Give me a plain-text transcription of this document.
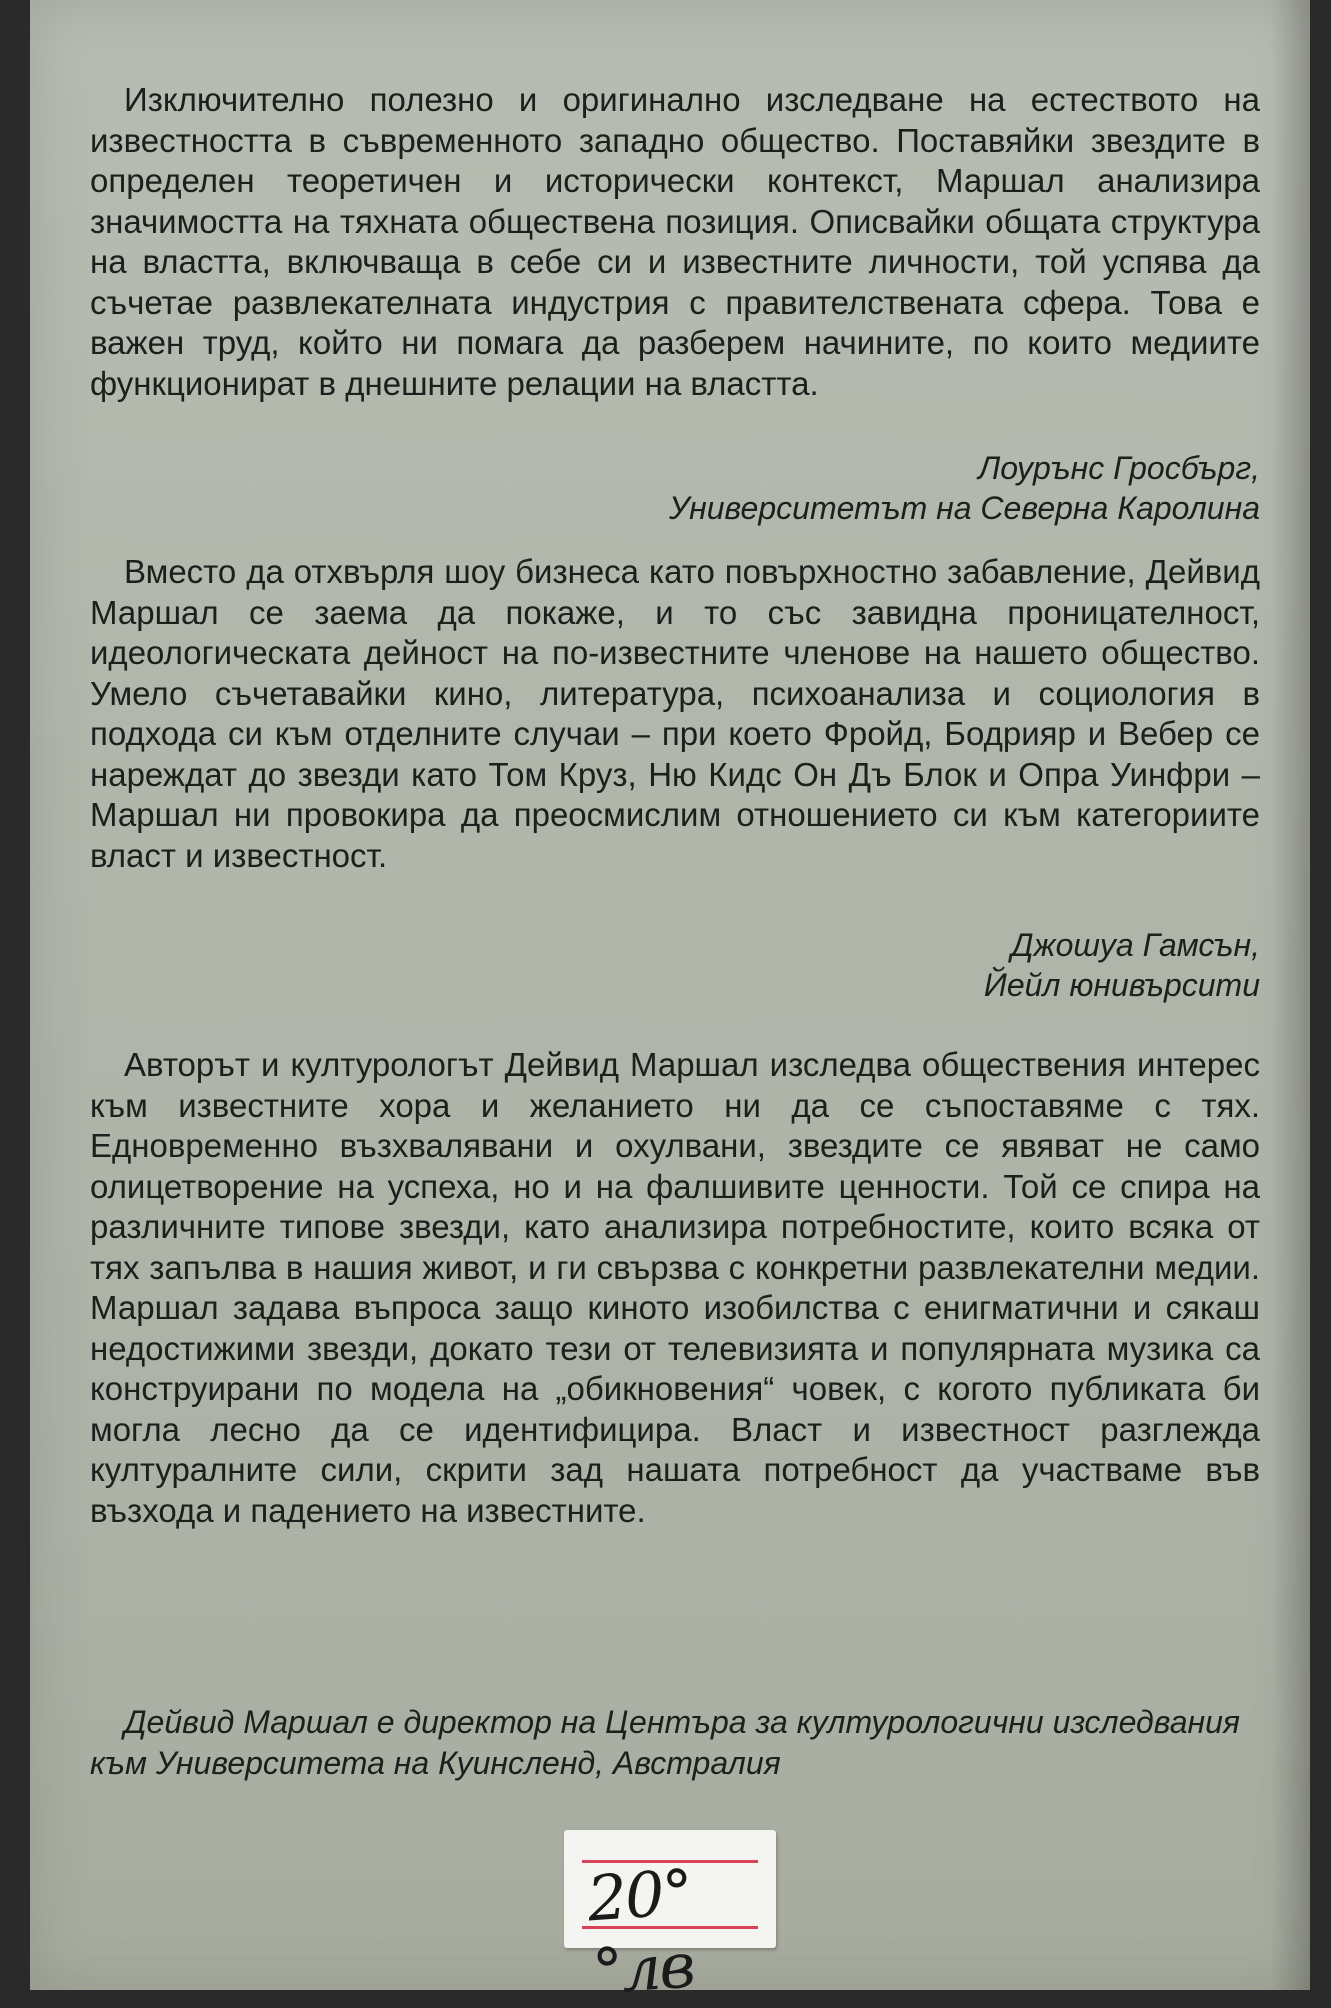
Изключително полезно и оригинално изследване на естеството на известността в съвременното западно общество. Поставяйки звездите в определен теоретичен и исторически контекст, Маршал анализира значимостта на тяхната обществена позиция. Описвайки общата структура на властта, включваща в себе си и известните личности, той успява да съчетае развлекателната индустрия с правителствената сфера. Това е важен труд, който ни помага да разберем начините, по които медиите функционират в днешните релации на властта.

Лоурънс Гросбърг,
Университетът на Северна Каролина

Вместо да отхвърля шоу бизнеса като повърхностно забавление, Дейвид Маршал се заема да покаже, и то със завидна проницателност, идеологическата дейност на по-известните членове на нашето общество. Умело съчетавайки кино, литература, психоанализа и социология в подхода си към отделните случаи – при което Фройд, Бодрияр и Вебер се нареждат до звезди като Том Круз, Ню Кидс Он Дъ Блок и Опра Уинфри – Маршал ни провокира да преосмислим отношението си към категориите власт и известност.

Джошуа Гамсън,
Йейл юнивърсити

Авторът и културологът Дейвид Маршал изследва обществения интерес към известните хора и желанието ни да се съпоставяме с тях. Едновременно възхвалявани и охулвани, звездите се явяват не само олицетворение на успеха, но и на фалшивите ценности. Той се спира на различните типове звезди, като анализира потребностите, които всяка от тях запълва в нашия живот, и ги свързва с конкретни развлекателни медии. Маршал задава въпроса защо киното изобилства с енигматични и сякаш недостижими звезди, докато тези от телевизията и популярната музика са конструирани по модела на „обикновения“ човек, с когото публиката би могла лесно да се идентифицира. Власт и известност разглежда културалните сили, скрити зад нашата потребност да участваме във възхода и падението на известните.

Дейвид Маршал е директор на Центъра за културологични изследвания към Университета на Куинсленд, Австралия

20°°лв
